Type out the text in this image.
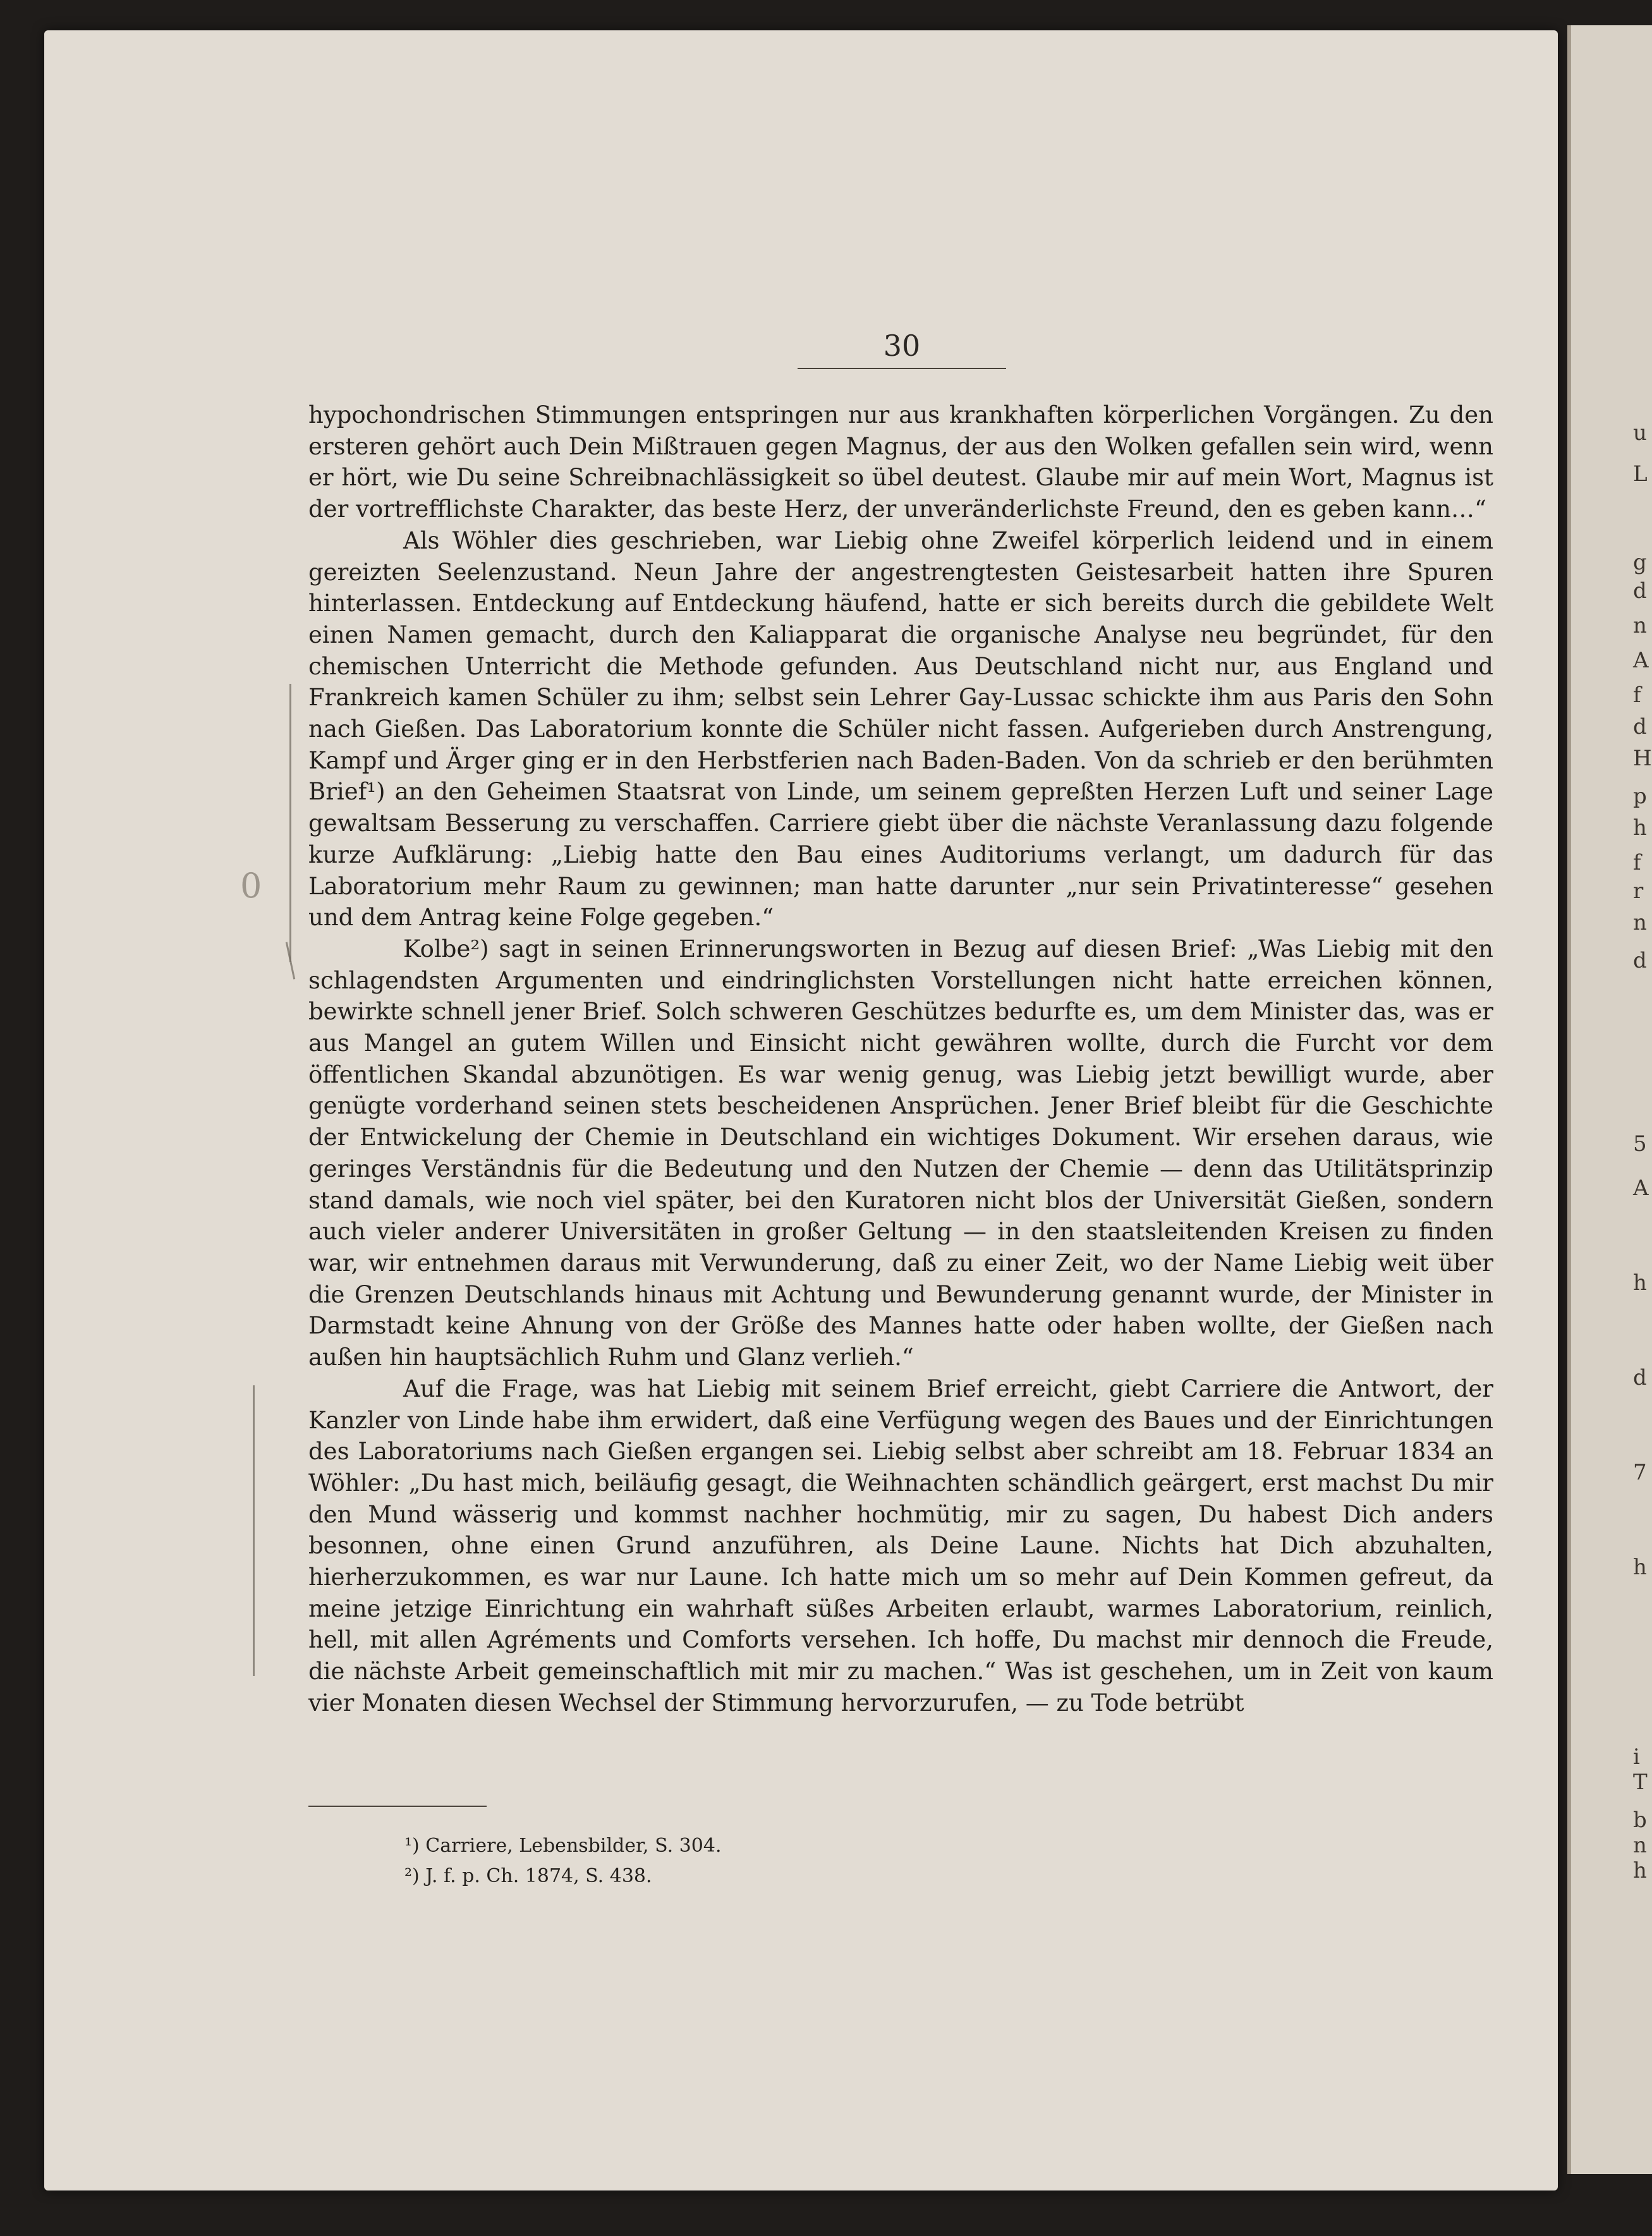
u
L
g
d
n
A
f
d
H
p
h
f
r
n
d
5
A
h
d
7
h
i
T
b
n
h
30
0

hypochondrischen Stimmungen entspringen nur aus krankhaften körperlichen Vorgängen. Zu den ersteren gehört auch Dein Mißtrauen gegen Magnus, der aus den Wolken gefallen sein wird, wenn er hört, wie Du seine Schreibnachlässigkeit so übel deutest. Glaube mir auf mein Wort, Magnus ist der vortrefflichste Charakter, das beste Herz, der unveränderlichste Freund, den es geben kann…“

Als Wöhler dies geschrieben, war Liebig ohne Zweifel körperlich leidend und in einem gereizten Seelenzustand. Neun Jahre der angestrengtesten Geistesarbeit hatten ihre Spuren hinterlassen. Entdeckung auf Entdeckung häufend, hatte er sich bereits durch die gebildete Welt einen Namen gemacht, durch den Kaliapparat die organische Analyse neu begründet, für den chemischen Unterricht die Methode gefunden. Aus Deutschland nicht nur, aus England und Frankreich kamen Schüler zu ihm; selbst sein Lehrer Gay-Lussac schickte ihm aus Paris den Sohn nach Gießen. Das Laboratorium konnte die Schüler nicht fassen. Aufgerieben durch Anstrengung, Kampf und Ärger ging er in den Herbstferien nach Baden-Baden. Von da schrieb er den berühmten Brief¹) an den Geheimen Staatsrat von Linde, um seinem gepreßten Herzen Luft und seiner Lage gewaltsam Besserung zu verschaffen. Carriere giebt über die nächste Veranlassung dazu folgende kurze Aufklärung: „Liebig hatte den Bau eines Auditoriums verlangt, um dadurch für das Laboratorium mehr Raum zu gewinnen; man hatte darunter „nur sein Privatinteresse“ gesehen und dem Antrag keine Folge gegeben.“

Kolbe²) sagt in seinen Erinnerungsworten in Bezug auf diesen Brief: „Was Liebig mit den schlagendsten Argumenten und eindringlichsten Vorstellungen nicht hatte erreichen können, bewirkte schnell jener Brief. Solch schweren Geschützes bedurfte es, um dem Minister das, was er aus Mangel an gutem Willen und Einsicht nicht gewähren wollte, durch die Furcht vor dem öffentlichen Skandal abzunötigen. Es war wenig genug, was Liebig jetzt bewilligt wurde, aber genügte vorderhand seinen stets bescheidenen Ansprüchen. Jener Brief bleibt für die Geschichte der Entwickelung der Chemie in Deutschland ein wichtiges Dokument. Wir ersehen daraus, wie geringes Verständnis für die Bedeutung und den Nutzen der Chemie — denn das Utilitätsprinzip stand damals, wie noch viel später, bei den Kuratoren nicht blos der Universität Gießen, sondern auch vieler anderer Universitäten in großer Geltung — in den staatsleitenden Kreisen zu finden war, wir entnehmen daraus mit Verwunderung, daß zu einer Zeit, wo der Name Liebig weit über die Grenzen Deutschlands hinaus mit Achtung und Bewunderung genannt wurde, der Minister in Darmstadt keine Ahnung von der Größe des Mannes hatte oder haben wollte, der Gießen nach außen hin hauptsächlich Ruhm und Glanz verlieh.“

Auf die Frage, was hat Liebig mit seinem Brief erreicht, giebt Carriere die Antwort, der Kanzler von Linde habe ihm erwidert, daß eine Verfügung wegen des Baues und der Einrichtungen des Laboratoriums nach Gießen ergangen sei. Liebig selbst aber schreibt am 18. Februar 1834 an Wöhler: „Du hast mich, beiläufig gesagt, die Weihnachten schändlich geärgert, erst machst Du mir den Mund wässerig und kommst nachher hochmütig, mir zu sagen, Du habest Dich anders besonnen, ohne einen Grund anzuführen, als Deine Laune. Nichts hat Dich abzuhalten, hierherzukommen, es war nur Laune. Ich hatte mich um so mehr auf Dein Kommen gefreut, da meine jetzige Einrichtung ein wahrhaft süßes Arbeiten erlaubt, warmes Laboratorium, reinlich, hell, mit allen Agréments und Comforts versehen. Ich hoffe, Du machst mir dennoch die Freude, die nächste Arbeit gemeinschaftlich mit mir zu machen.“ Was ist geschehen, um in Zeit von kaum vier Monaten diesen Wechsel der Stimmung hervorzurufen, — zu Tode betrübt

¹) Carriere, Lebensbilder, S. 304.
²) J. f. p. Ch. 1874, S. 438.
